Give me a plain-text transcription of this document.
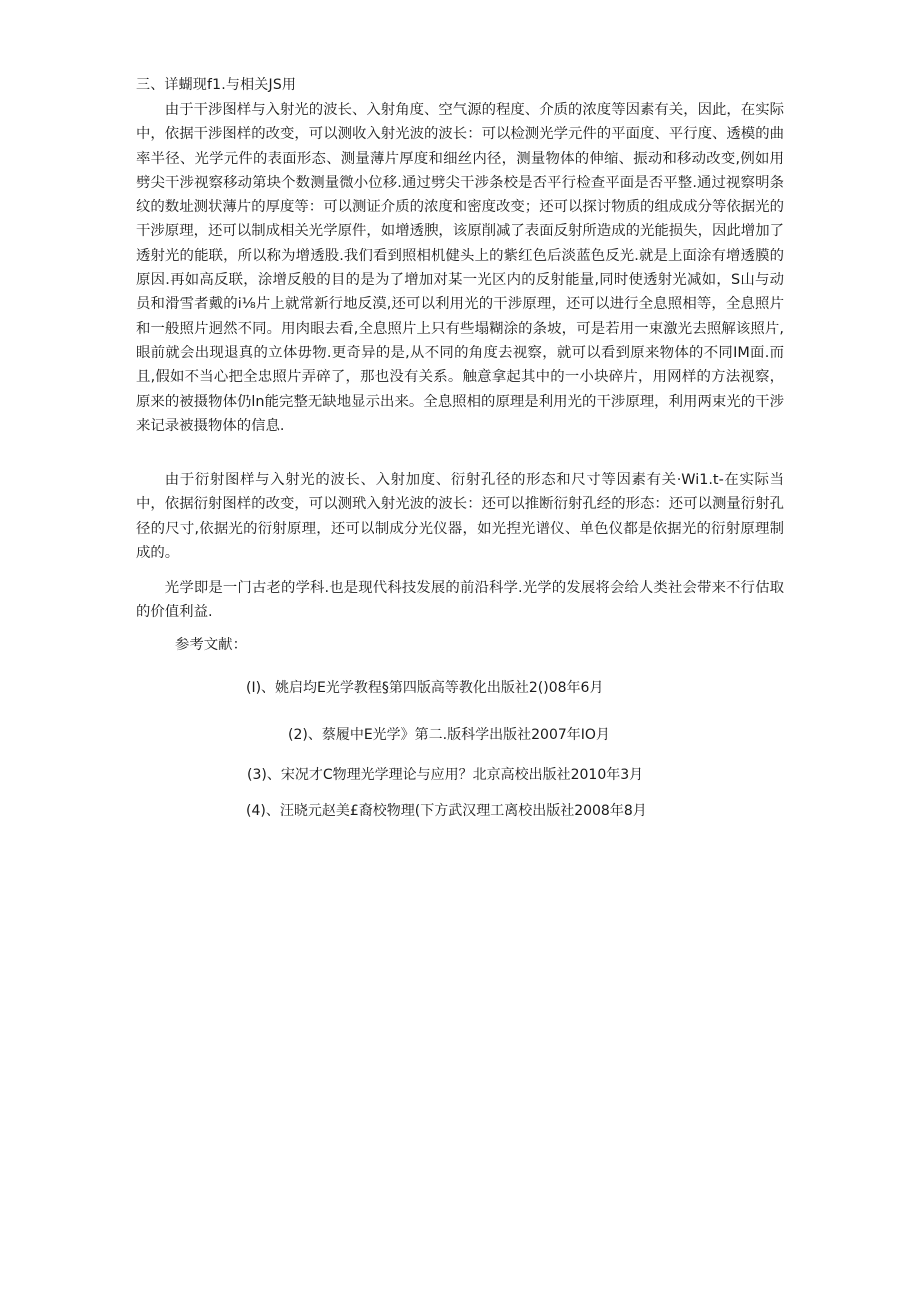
三、详蝴现f1.与相关JS用

由于干涉图样与入射光的波长、入射角度、空气源的程度、介质的浓度等因素有关，因此，在实际中，依据干涉图样的改变，可以测收入射光波的波长：可以检测光学元件的平面度、平行度、透模的曲率半径、光学元件的表面形态、测量薄片厚度和细丝内径，测量物体的伸缩、振动和移动改变,例如用劈尖干涉视察移动第块个数测量微小位移.通过劈尖干涉条校是否平行检查平面是否平整.通过视察明条纹的数址测状薄片的厚度等：可以测证介质的浓度和密度改变；还可以探讨物质的组成成分等依据光的干涉原理，还可以制成相关光学原件，如增透腴，该原削减了表面反射所造成的光能损失，因此增加了透射光的能联，所以称为增透股.我们看到照相机健头上的紫红色后淡蓝色反光.就是上面涂有增透膜的原因.再如高反联，涂增反般的目的是为了增加对某一光区内的反射能量,同时使透射光减如，S山与动员和滑雪者戴的i⅛片上就常新行地反漠,还可以利用光的干涉原理，还可以进行全息照相等，全息照片和一般照片迥然不同。用肉眼去看,全息照片上只有些塌糊涂的条坡，可是若用一束激光去照解该照片,眼前就会出现退真的立体毋物.更奇异的是,从不同的角度去视察，就可以看到原来物体的不同IM面.而且,假如不当心把全忠照片弄碎了，那也没有关系。触意拿起其中的一小块碎片，用网样的方法视察，原来的被摄物体仍ln能完整无缺地显示出来。全息照相的原理是利用光的干涉原理，利用两束光的干涉来记录被摄物体的信息.

由于衍射图样与入射光的波长、入射加度、衍射孔径的形态和尺寸等因素有关·Wi1.t-在实际当中，依据衍射图样的改变，可以测玳入射光波的波长：还可以推断衍射孔经的形态：还可以测量衍射孔径的尺寸,依据光的衍射原理，还可以制成分光仪器，如光揑光谱仪、单色仪都是依据光的衍射原理制成的。

光学即是一门古老的学科.也是现代科技发展的前沿科学.光学的发展将会给人类社会带来不行估取的价值利益.

参考文献：
(I)、姚启均E光学教程§第四版高等教化出版社2()08年6月
(2)、蔡履中E光学》第二.版科学出版社2007年IO月
(3)、宋况才C物理光学理论与应用？北京高校出版社2010年3月
(4)、汪晓元赵美£裔校物理(下方武汉理工离校出版社2008年8月
